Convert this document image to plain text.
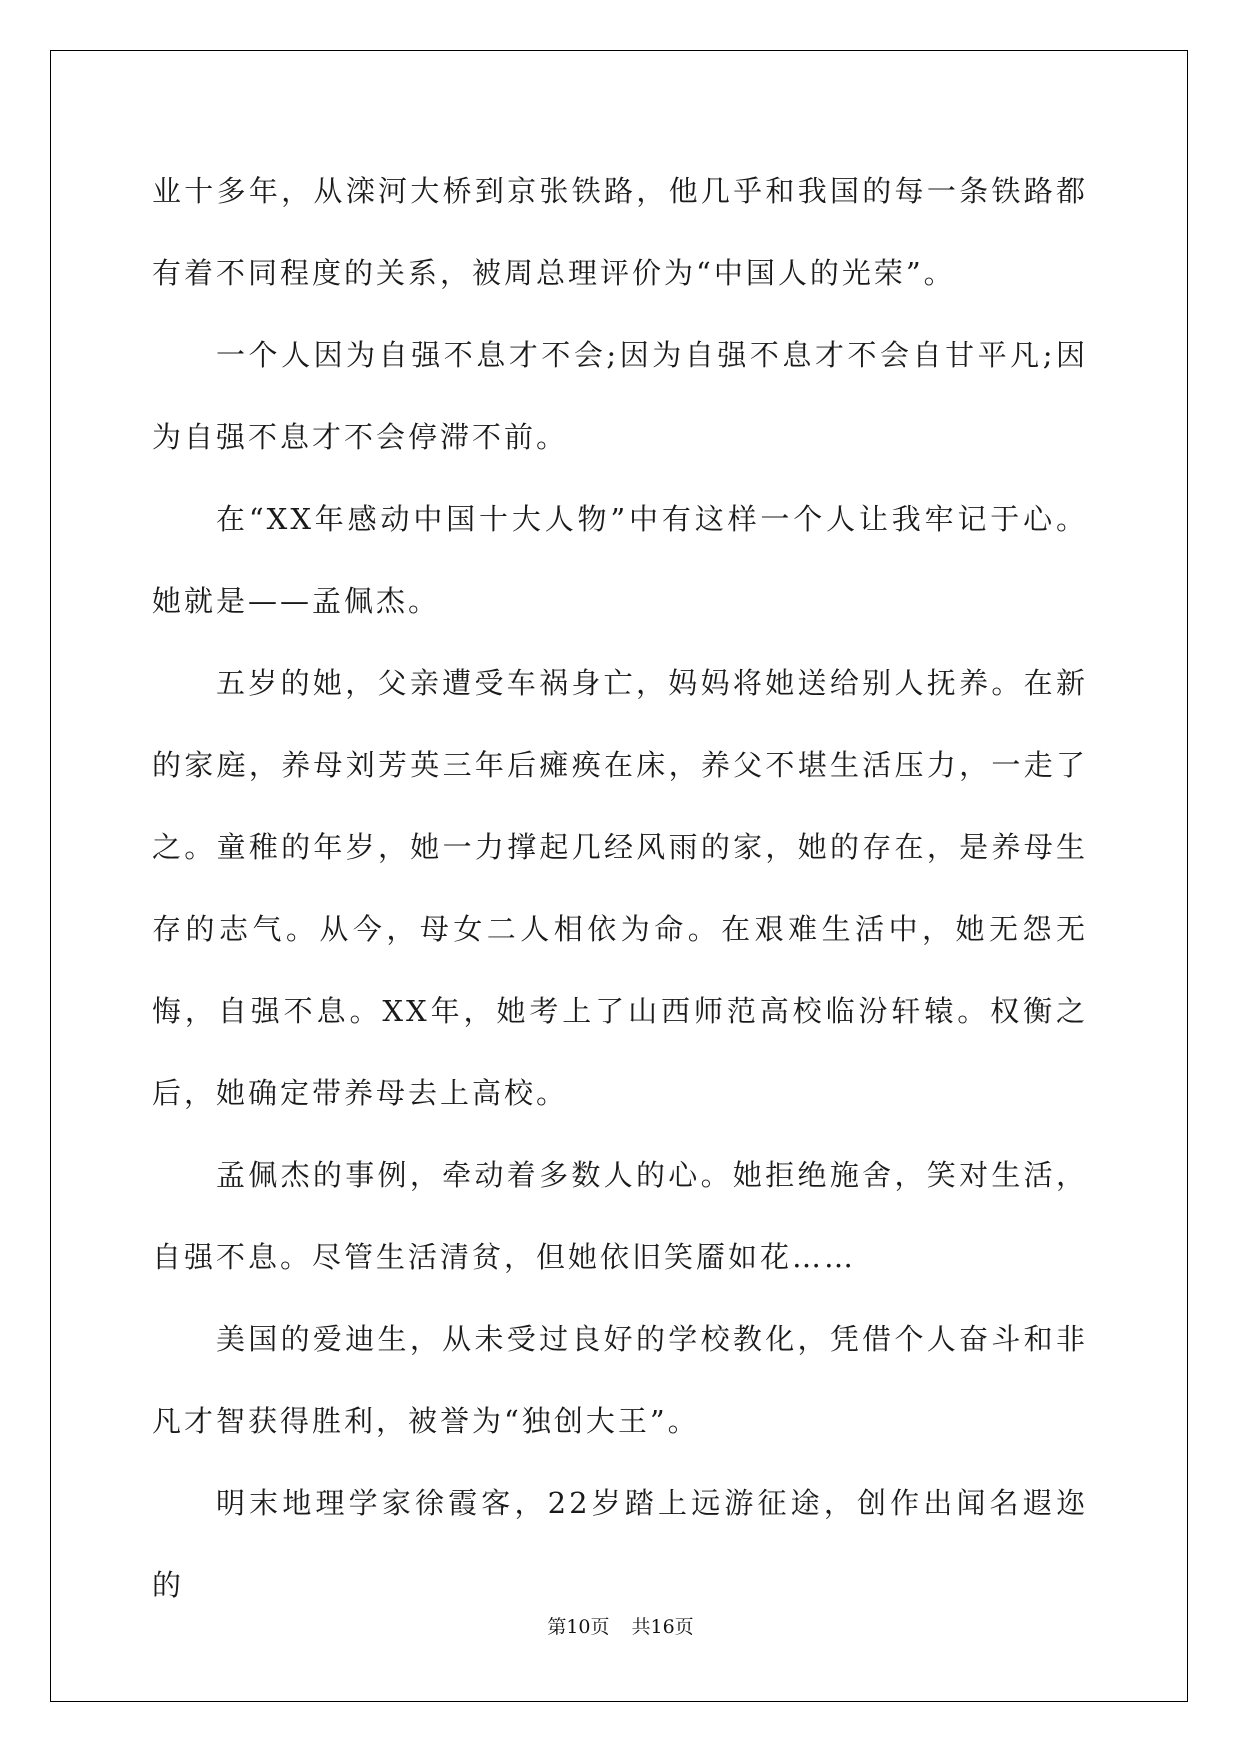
业十多年，从滦河大桥到京张铁路，他几乎和我国的每一条铁路都有着不同程度的关系，被周总理评价为“中国人的光荣”。

一个人因为自强不息才不会;因为自强不息才不会自甘平凡;因为自强不息才不会停滞不前。

在“XX年感动中国十大人物”中有这样一个人让我牢记于心。她就是——孟佩杰。

五岁的她，父亲遭受车祸身亡，妈妈将她送给别人抚养。在新的家庭，养母刘芳英三年后瘫痪在床，养父不堪生活压力，一走了之。童稚的年岁，她一力撑起几经风雨的家，她的存在，是养母生存的志气。从今，母女二人相依为命。在艰难生活中，她无怨无悔，自强不息。XX年，她考上了山西师范高校临汾轩辕。权衡之后，她确定带养母去上高校。

孟佩杰的事例，牵动着多数人的心。她拒绝施舍，笑对生活，自强不息。尽管生活清贫，但她依旧笑靥如花……

美国的爱迪生，从未受过良好的学校教化，凭借个人奋斗和非凡才智获得胜利，被誉为“独创大王”。

明末地理学家徐霞客，22岁踏上远游征途，创作出闻名遐迩的

第10页 共16页
